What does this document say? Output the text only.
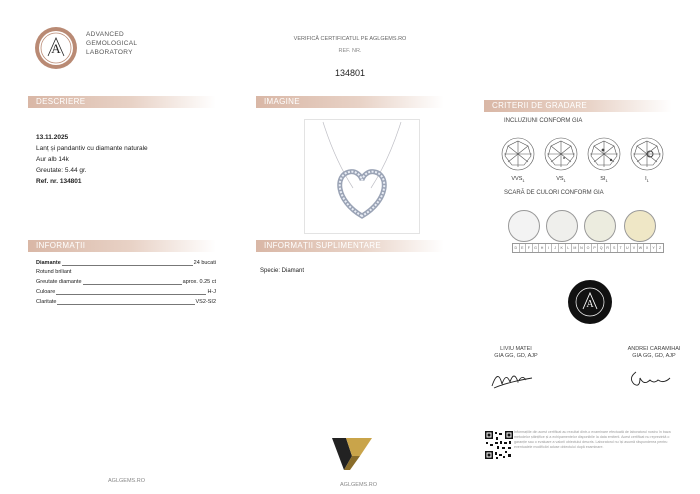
A
ADVANCED
GEMOLOGICAL
LABORATORY
VERIFICĂ CERTIFICATUL PE AGLGEMS.RO
REF. NR.
134801
DESCRIERE	IMAGINE	CRITERII DE GRADARE
INFORMAȚII	INFORMAȚII SUPLIMENTARE
13.11.2025
Lanț și pandantiv cu diamante naturale
Aur alb 14k
Greutate: 5.44 gr.
Ref. nr. 134801
Diamante	24 bucati
Rotund briliant
Greutate diamante	aprox. 0.25 ct
Culoare	H-J
Claritate	VS2-SI2
Specie: Diamant
INCLUZIUNI CONFORM GIA
$VVS_1$	$VS_1$	$SI_1$	$I_1$
SCARĂ DE CULORI CONFORM GIA
D	E	F	G	H	I	J	K	L	M	N	O	P	Q	R	S	T	U	V	W	X	Y	Z
A
LIVIU MATEI
GIA GG, GD, AJP
ANDREI CARAMIHAI
GIA GG, GD, AJP
Informațiile din acest certificat au rezultat dintr-o examinare efectuată de laboratorul nostru în baza metodelor științifice și a echipamentelor disponibile la data emiterii. Acest certificat nu reprezintă o garanție sau o evaluare a valorii obiectului descris. Laboratorul nu își asumă răspunderea pentru eventualele modificări aduse obiectului după examinare.
AGLGEMS.RO
AGLGEMS.RO
